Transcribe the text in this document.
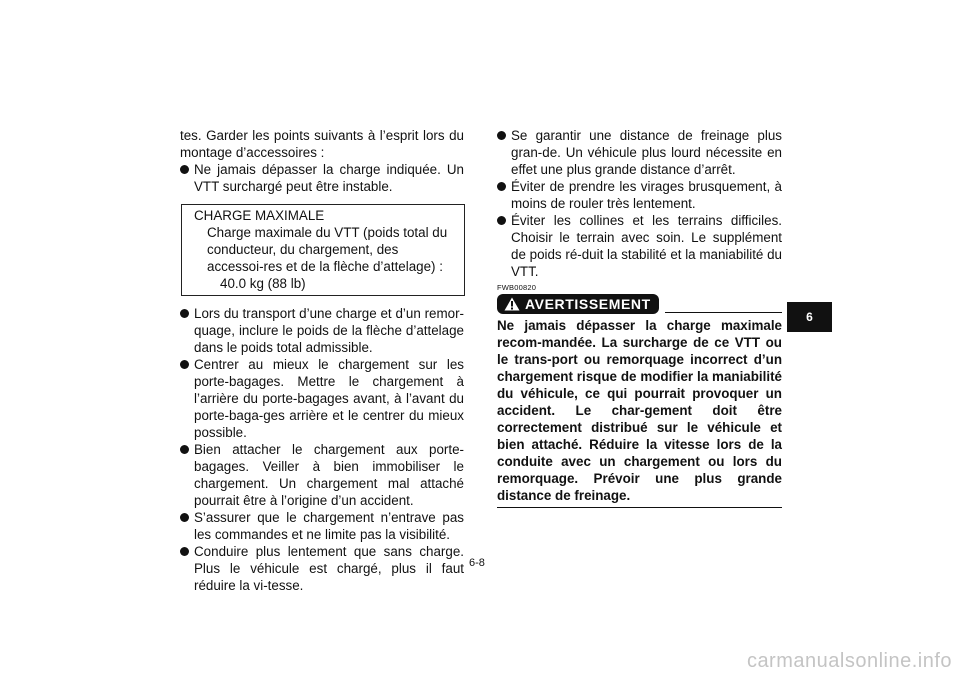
tes. Garder les points suivants à l’esprit lors du montage d’accessoires :

Ne jamais dépasser la charge indiquée. Un VTT surchargé peut être instable.
CHARGE MAXIMALE
Charge maximale du VTT (poids total du conducteur, du chargement, des accessoi-res et de la flèche d’attelage) :
40.0 kg (88 lb)
Lors du transport d’une charge et d’un remor-quage, inclure le poids de la flèche d’attelage dans le poids total admissible.
Centrer au mieux le chargement sur les porte-bagages. Mettre le chargement à l’arrière du porte-bagages avant, à l’avant du porte-baga-ges arrière et le centrer du mieux possible.
Bien attacher le chargement aux porte-bagages. Veiller à bien immobiliser le chargement. Un chargement mal attaché pourrait être à l’origine d’un accident.
S’assurer que le chargement n’entrave pas les commandes et ne limite pas la visibilité.
Conduire plus lentement que sans charge. Plus le véhicule est chargé, plus il faut réduire la vi-tesse.
Se garantir une distance de freinage plus gran-de. Un véhicule plus lourd nécessite en effet une plus grande distance d’arrêt.
Éviter de prendre les virages brusquement, à moins de rouler très lentement.
Éviter les collines et les terrains difficiles. Choisir le terrain avec soin. Le supplément de poids ré-duit la stabilité et la maniabilité du VTT.
FWB00820
AVERTISSEMENT
Ne jamais dépasser la charge maximale recom-mandée. La surcharge de ce VTT ou le trans-port ou remorquage incorrect d’un chargement risque de modifier la maniabilité du véhicule, ce qui pourrait provoquer un accident. Le char-gement doit être correctement distribué sur le véhicule et bien attaché. Réduire la vitesse lors de la conduite avec un chargement ou lors du remorquage. Prévoir une plus grande distance de freinage.
6-8
6
carmanualsonline.info
